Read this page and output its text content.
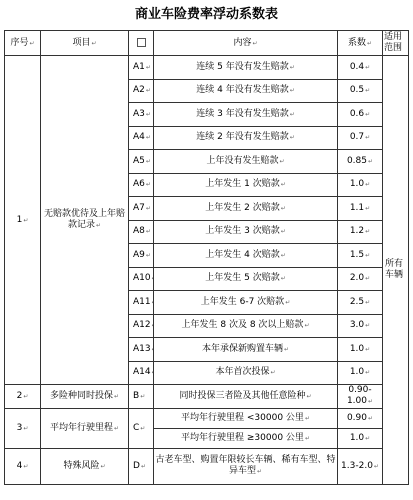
商业车险费率浮动系数表
序号 ↵	项目 ↵		内容 ↵	系数 ↵	适用范围
1 ↵	无赔款优待及上年赔款记录 ↵	A1 ↵	连续 5 年没有发生赔款 ↵	0.4 ↵	所有车辆
		A2 ↵	连续 4 年没有发生赔款 ↵	0.5 ↵
		A3 ↵	连续 3 年没有发生赔款 ↵	0.6 ↵
		A4 ↵	连续 2 年没有发生赔款 ↵	0.7 ↵
		A5 ↵	上年没有发生赔款 ↵	0.85 ↵
		A6 ↵	上年发生 1 次赔款 ↵	1.0 ↵
		A7 ↵	上年发生 2 次赔款 ↵	1.1 ↵
		A8 ↵	上年发生 3 次赔款 ↵	1.2 ↵
		A9 ↵	上年发生 4 次赔款 ↵	1.5 ↵
		A10 ↵	上年发生 5 次赔款 ↵	2.0 ↵
		A11 ↵	上年发生 6-7 次赔款 ↵	2.5 ↵
		A12 ↵	上年发生 8 次及 8 次以上赔款 ↵	3.0 ↵
		A13 ↵	本年承保新购置车辆 ↵	1.0 ↵
		A14 ↵	本年首次投保 ↵	1.0 ↵
2 ↵	多险种同时投保 ↵	B ↵	同时投保三者险及其他任意险种 ↵	0.90-1.00 ↵
3 ↵	平均年行驶里程 ↵	C ↵	平均年行驶里程 <30000 公里 ↵	0.90 ↵
			平均年行驶里程 ≥30000 公里 ↵	1.0 ↵
4 ↵	特殊风险 ↵	D ↵	古老车型、购置年限较长车辆、稀有车型、特异车型 ↵	1.3-2.0 ↵
